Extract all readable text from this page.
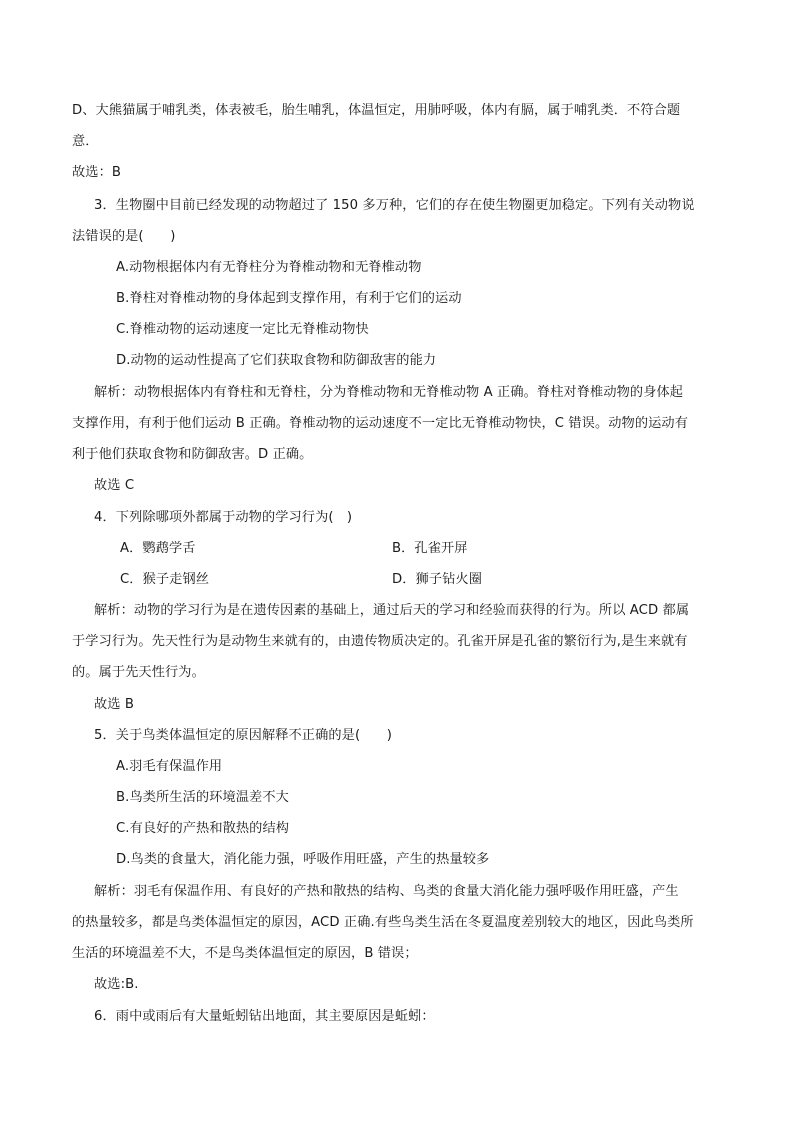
D、大熊猫属于哺乳类，体表被毛，胎生哺乳，体温恒定，用肺呼吸，体内有膈，属于哺乳类．不符合题
意．
故选：B
3．生物圈中目前已经发现的动物超过了 150 多万种，它们的存在使生物圈更加稳定。下列有关动物说
法错误的是(　　)
A.动物根据体内有无脊柱分为脊椎动物和无脊椎动物
B.脊柱对脊椎动物的身体起到支撑作用，有利于它们的运动
C.脊椎动物的运动速度一定比无脊椎动物快
D.动物的运动性提高了它们获取食物和防御敌害的能力
解析：动物根据体内有脊柱和无脊柱，分为脊椎动物和无脊椎动物 A 正确。脊柱对脊椎动物的身体起
支撑作用，有利于他们运动 B 正确。脊椎动物的运动速度不一定比无脊椎动物快，C 错误。动物的运动有
利于他们获取食物和防御敌害。D 正确。
故选 C
4．下列除哪项外都属于动物的学习行为(　)
A．鹦鹉学舌	B．孔雀开屏
C．猴子走钢丝	D．狮子钻火圈
解析：动物的学习行为是在遗传因素的基础上，通过后天的学习和经验而获得的行为。所以 ACD 都属
于学习行为。先天性行为是动物生来就有的，由遗传物质决定的。孔雀开屏是孔雀的繁衍行为,是生来就有
的。属于先天性行为。
故选 B
5．关于鸟类体温恒定的原因解释不正确的是(　　)
A.羽毛有保温作用
B.鸟类所生活的环境温差不大
C.有良好的产热和散热的结构
D.鸟类的食量大，消化能力强，呼吸作用旺盛，产生的热量较多
解析：羽毛有保温作用、有良好的产热和散热的结构、鸟类的食量大消化能力强呼吸作用旺盛，产生
的热量较多，都是鸟类体温恒定的原因，ACD 正确.有些鸟类生活在冬夏温度差别较大的地区，因此鸟类所
生活的环境温差不大，不是鸟类体温恒定的原因，B 错误；
故选:B.
6．雨中或雨后有大量蚯蚓钻出地面，其主要原因是蚯蚓：
